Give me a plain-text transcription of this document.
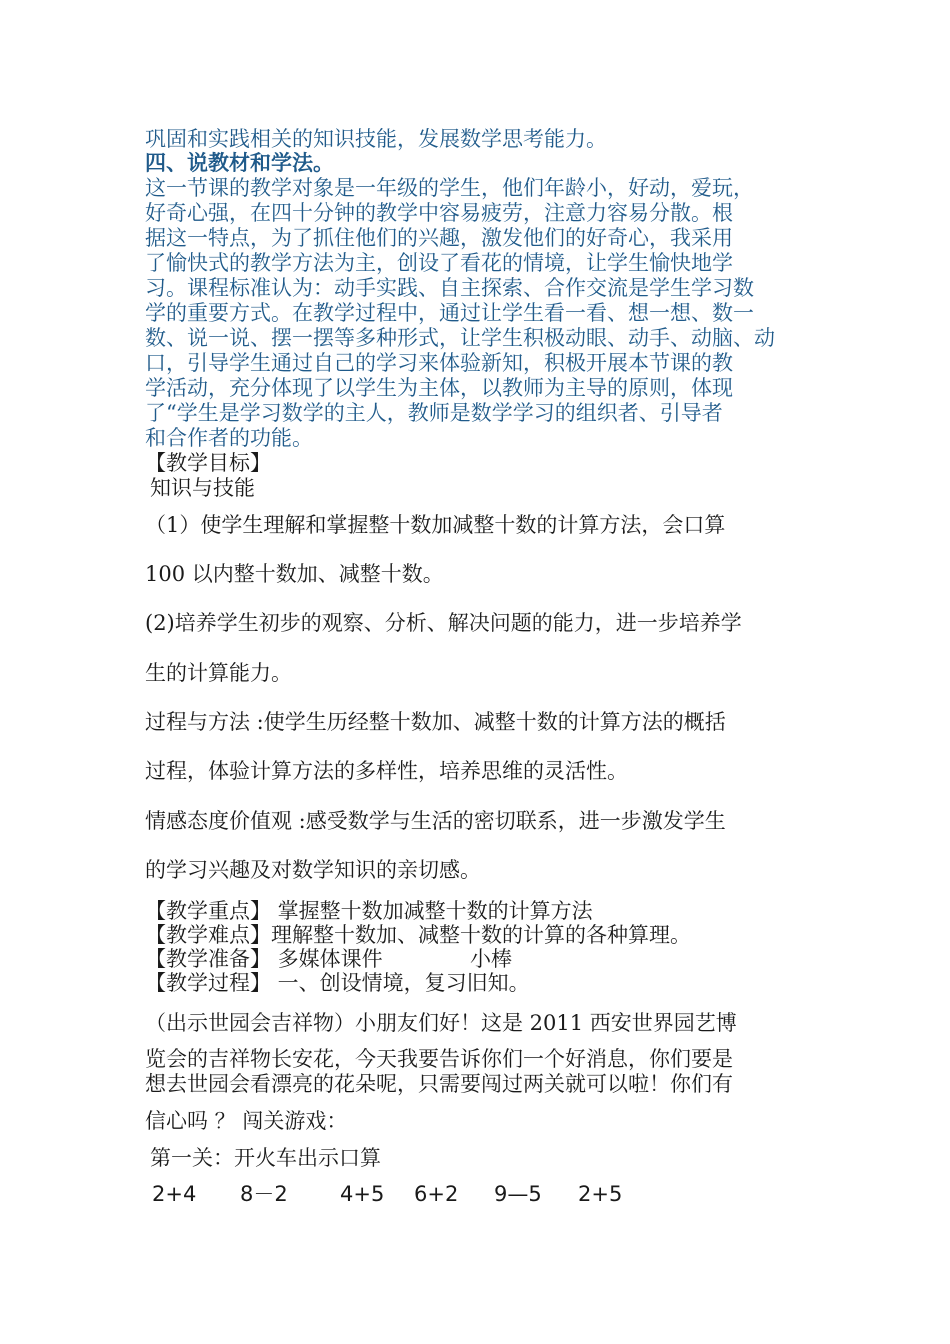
巩固和实践相关的知识技能，发展数学思考能力。

四、说教材和学法。

这一节课的教学对象是一年级的学生，他们年龄小，好动，爱玩，

好奇心强，在四十分钟的教学中容易疲劳，注意力容易分散。根

据这一特点，为了抓住他们的兴趣，激发他们的好奇心，我采用

了愉快式的教学方法为主，创设了看花的情境，让学生愉快地学

习。课程标准认为：动手实践、自主探索、合作交流是学生学习数

学的重要方式。在教学过程中，通过让学生看一看、想一想、数一

数、说一说、摆一摆等多种形式，让学生积极动眼、动手、动脑、动

口，引导学生通过自己的学习来体验新知，积极开展本节课的教

学活动，充分体现了以学生为主体，以教师为主导的原则，体现

了“学生是学习数学的主人，教师是数学学习的组织者、引导者

和合作者的功能。

【教学目标】

知识与技能

（1）使学生理解和掌握整十数加减整十数的计算方法，会口算

100 以内整十数加、减整十数。

(2)培养学生初步的观察、分析、解决问题的能力，进一步培养学

生的计算能力。

过程与方法 :使学生历经整十数加、减整十数的计算方法的概括

过程，体验计算方法的多样性，培养思维的灵活性。

情感态度价值观 :感受数学与生活的密切联系，进一步激发学生

的学习兴趣及对数学知识的亲切感。

【教学重点】 掌握整十数加减整十数的计算方法

【教学难点】理解整十数加、减整十数的计算的各种算理。

【教学准备】 多媒体课件	小棒

【教学过程】 一、创设情境，复习旧知。

（出示世园会吉祥物）小朋友们好！这是 2011 西安世界园艺博

览会的吉祥物长安花，今天我要告诉你们一个好消息，你们要是

想去世园会看漂亮的花朵呢，只需要闯过两关就可以啦！你们有

信心吗 ？ 闯关游戏：

第一关：开火车出示口算

2+4 8－2 4+5 6+2 9—5 2+5
